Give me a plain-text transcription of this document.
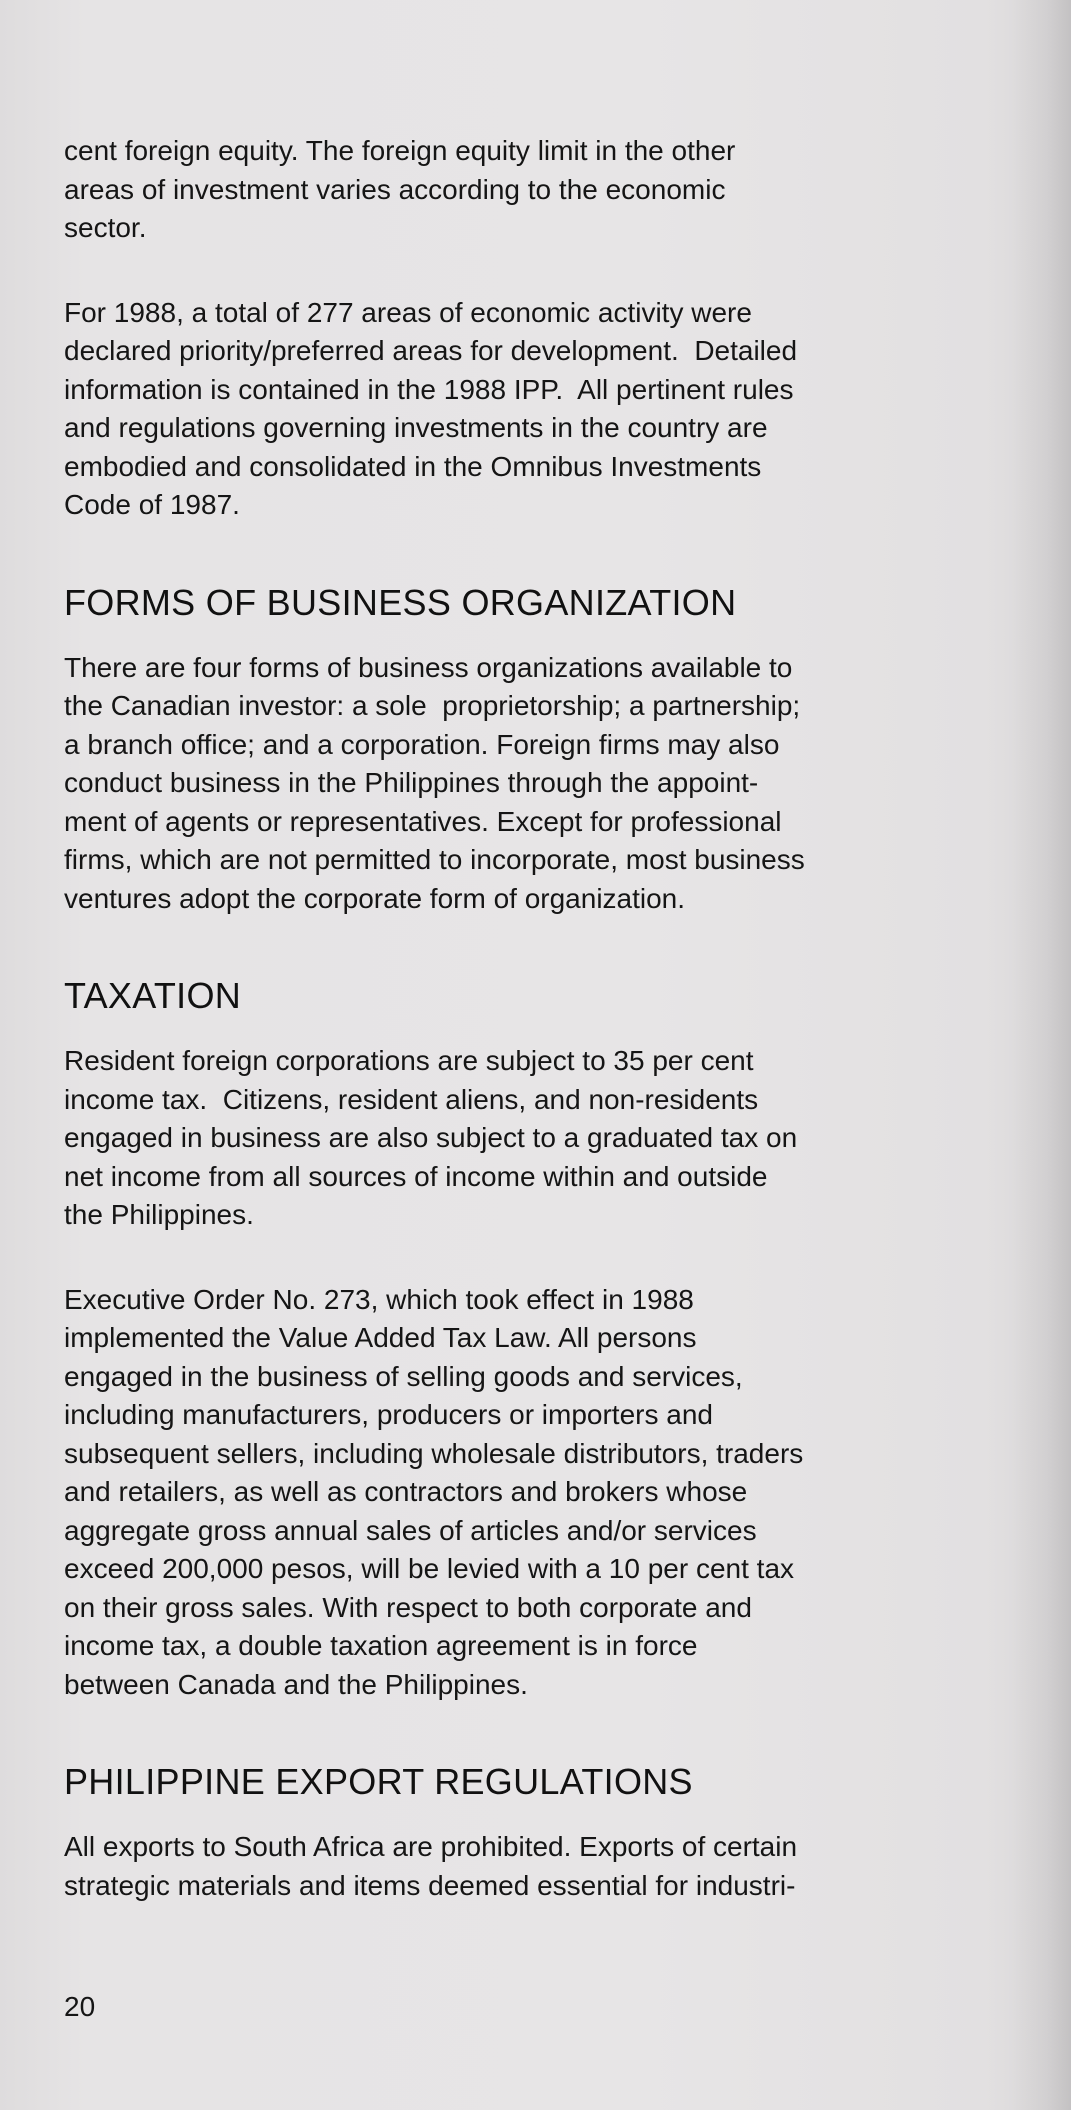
cent foreign equity. The foreign equity limit in the other
areas of investment varies according to the economic
sector.
For 1988, a total of 277 areas of economic activity were
declared priority/preferred areas for development.  Detailed
information is contained in the 1988 IPP.  All pertinent rules
and regulations governing investments in the country are
embodied and consolidated in the Omnibus Investments
Code of 1987.
FORMS OF BUSINESS ORGANIZATION
There are four forms of business organizations available to
the Canadian investor: a sole  proprietorship; a partnership;
a branch office; and a corporation. Foreign firms may also
conduct business in the Philippines through the appoint-
ment of agents or representatives. Except for professional
firms, which are not permitted to incorporate, most business
ventures adopt the corporate form of organization.
TAXATION
Resident foreign corporations are subject to 35 per cent
income tax.  Citizens, resident aliens, and non-residents
engaged in business are also subject to a graduated tax on
net income from all sources of income within and outside
the Philippines.
Executive Order No. 273, which took effect in 1988
implemented the Value Added Tax Law. All persons
engaged in the business of selling goods and services,
including manufacturers, producers or importers and
subsequent sellers, including wholesale distributors, traders
and retailers, as well as contractors and brokers whose
aggregate gross annual sales of articles and/or services
exceed 200,000 pesos, will be levied with a 10 per cent tax
on their gross sales. With respect to both corporate and
income tax, a double taxation agreement is in force
between Canada and the Philippines.
PHILIPPINE EXPORT REGULATIONS
All exports to South Africa are prohibited. Exports of certain
strategic materials and items deemed essential for industri-
20
